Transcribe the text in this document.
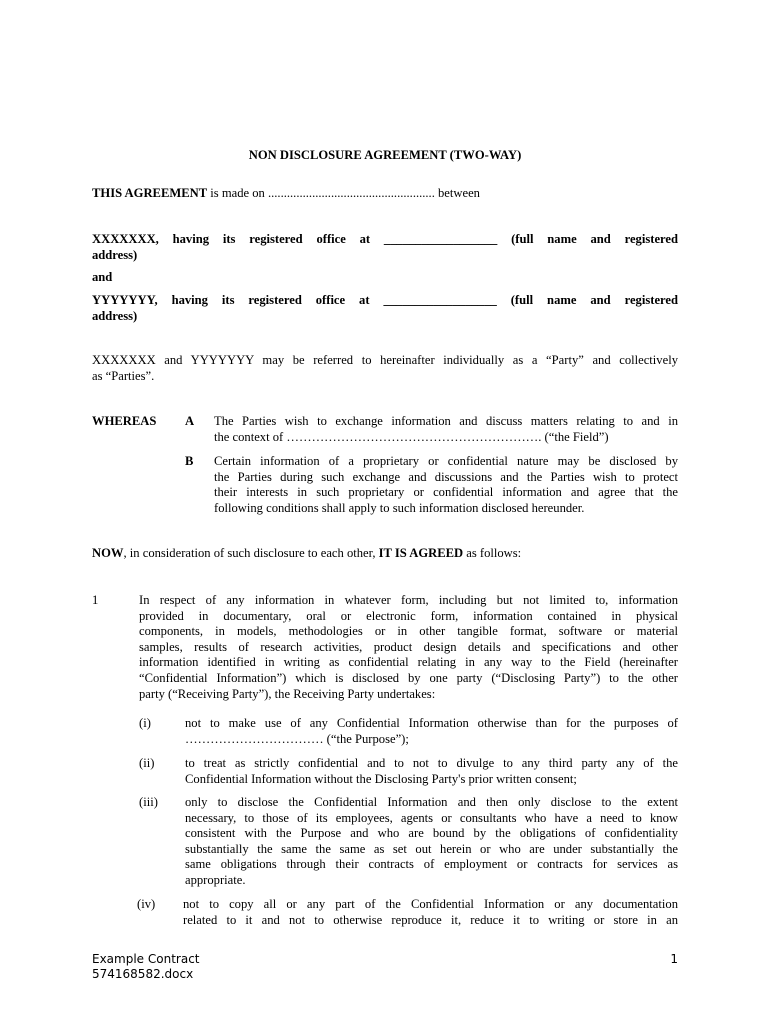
NON DISCLOSURE AGREEMENT (TWO-WAY)
THIS AGREEMENT is made on ..................................................... between
XXXXXXX, having its registered office at __________________ (full name and registered
address)
and
YYYYYYY, having its registered office at __________________ (full name and registered
address)
XXXXXXX and YYYYYYY may be referred to hereinafter individually as a “Party” and collectively
as “Parties”.
WHEREAS A The Parties wish to exchange information and discuss matters relating to and in
the context of ……………………………………………………. (“the Field”)
B Certain information of a proprietary or confidential nature may be disclosed by
the Parties during such exchange and discussions and the Parties wish to protect
their interests in such proprietary or confidential information and agree that the
following conditions shall apply to such information disclosed hereunder.
NOW, in consideration of such disclosure to each other, IT IS AGREED as follows:
1	In respect of any information in whatever form, including but not limited to, information
provided in documentary, oral or electronic form, information contained in physical
components, in models, methodologies or in other tangible format, software or material
samples, results of research activities, product design details and specifications and other
information identified in writing as confidential relating in any way to the Field (hereinafter
“Confidential Information”) which is disclosed by one party (“Disclosing Party”) to the other
party (“Receiving Party”), the Receiving Party undertakes:
(i)	not to make use of any Confidential Information otherwise than for the purposes of
…………………………… (“the Purpose”);
(ii) to treat as strictly confidential and to not to divulge to any third party any of the
Confidential Information without the Disclosing Party's prior written consent;
(iii) only to disclose the Confidential Information and then only disclose to the extent
necessary, to those of its employees, agents or consultants who have a need to know
consistent with the Purpose and who are bound by the obligations of confidentiality
substantially the same the same as set out herein or who are under substantially the
same obligations through their contracts of employment or contracts for services as
appropriate.
(iv) not to copy all or any part of the Confidential Information or any documentation
related to it and not to otherwise reproduce it, reduce it to writing or store in an
Example Contract
574168582.docx
1
